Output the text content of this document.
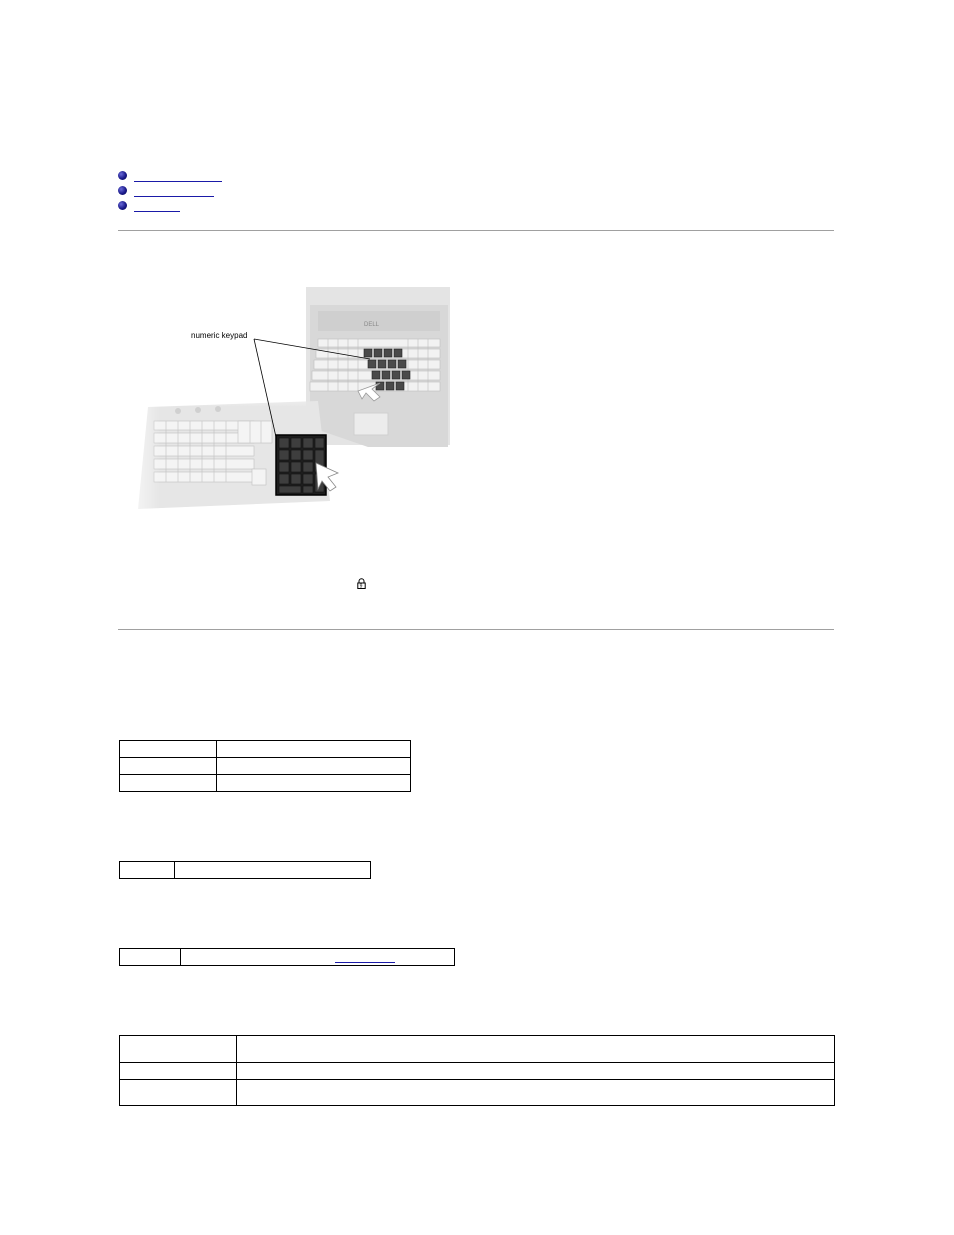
DELL
numeric keypad
9
